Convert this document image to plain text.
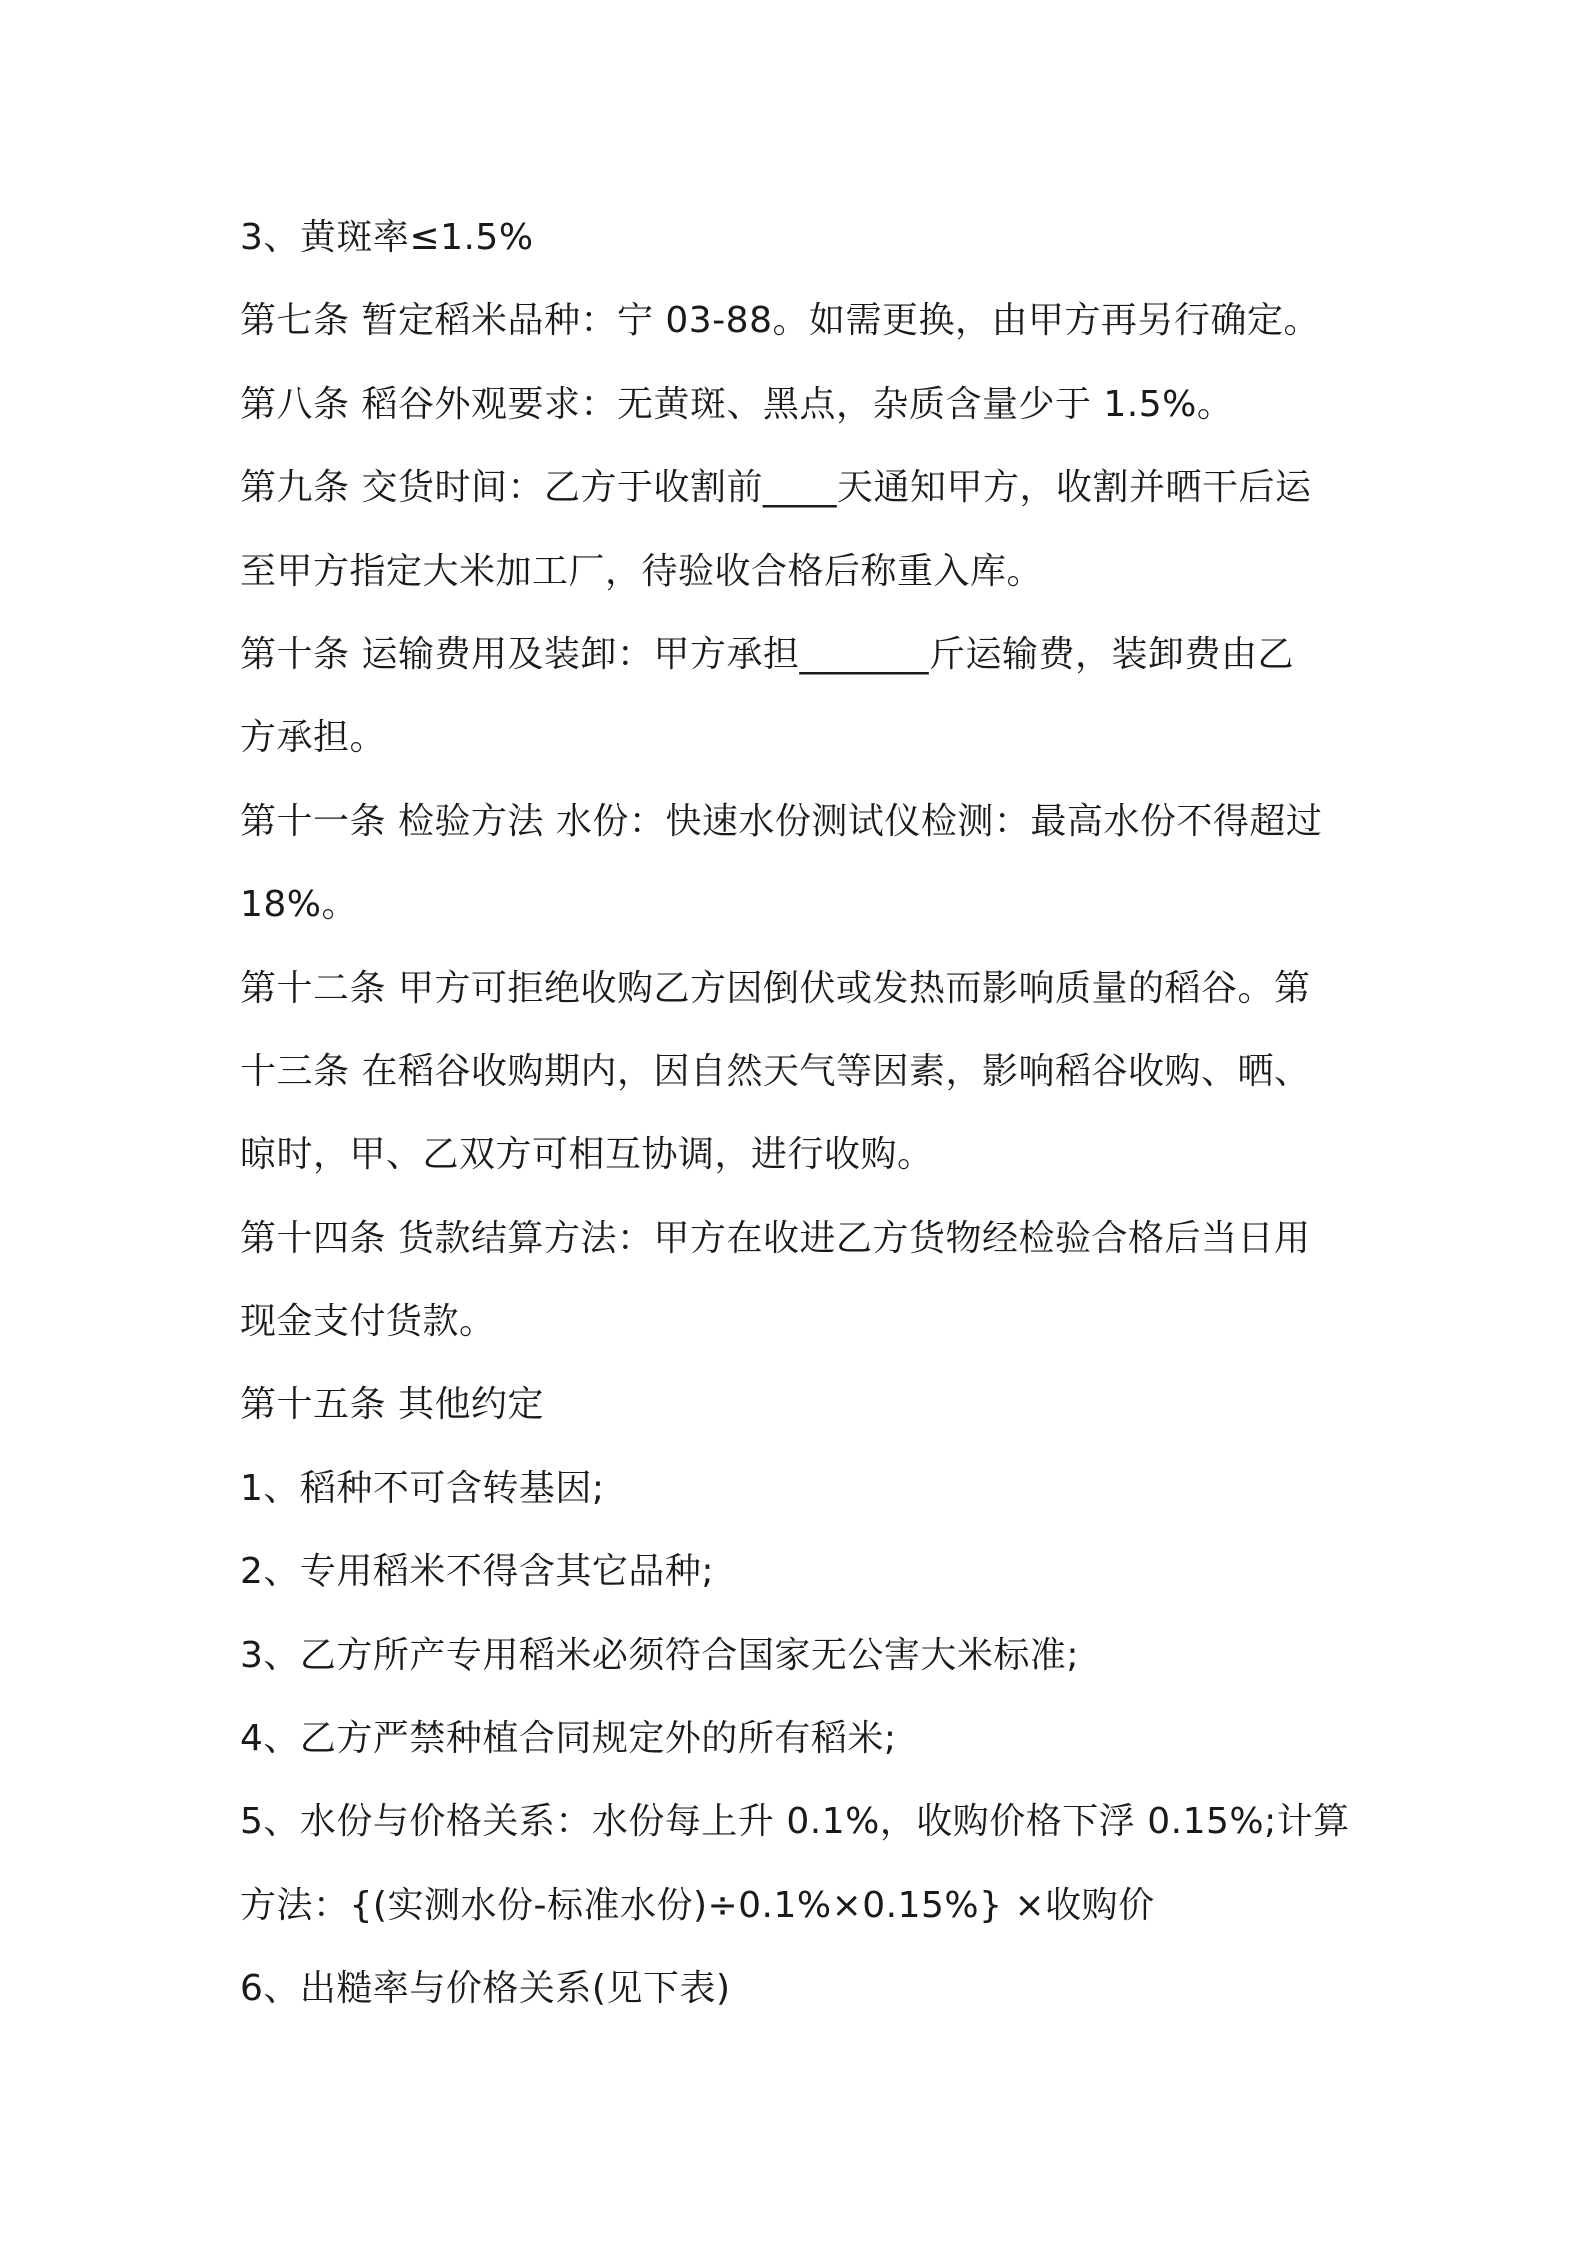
3、黄斑率≤1.5%
第七条 暂定稻米品种：宁 03-88。如需更换，由甲方再另行确定。
第八条 稻谷外观要求：无黄斑、黑点，杂质含量少于 1.5%。
第九条 交货时间：乙方于收割前____天通知甲方，收割并晒干后运
至甲方指定大米加工厂，待验收合格后称重入库。
第十条 运输费用及装卸：甲方承担_______斤运输费，装卸费由乙
方承担。
第十一条 检验方法 水份：快速水份测试仪检测：最高水份不得超过
18%。
第十二条 甲方可拒绝收购乙方因倒伏或发热而影响质量的稻谷。第
十三条 在稻谷收购期内，因自然天气等因素，影响稻谷收购、晒、
晾时，甲、乙双方可相互协调，进行收购。
第十四条 货款结算方法：甲方在收进乙方货物经检验合格后当日用
现金支付货款。
第十五条 其他约定
1、稻种不可含转基因;
2、专用稻米不得含其它品种;
3、乙方所产专用稻米必须符合国家无公害大米标准;
4、乙方严禁种植合同规定外的所有稻米;
5、水份与价格关系：水份每上升 0.1%，收购价格下浮 0.15%;计算
方法：{(实测水份-标准水份)÷0.1%×0.15%} ×收购价
6、出糙率与价格关系(见下表)
